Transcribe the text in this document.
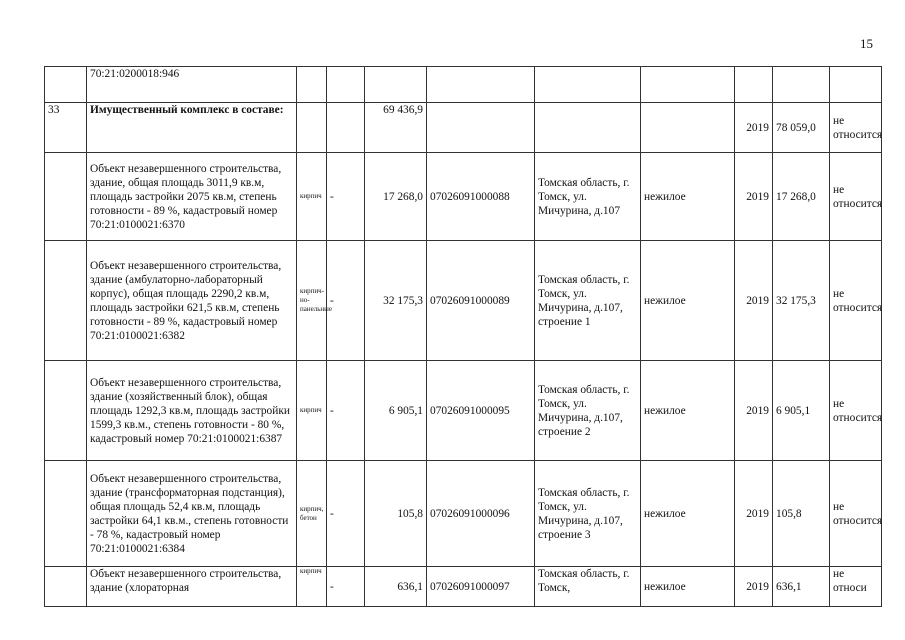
15
	70:21:0200018:946									
33	Имущественный комплекс в составе:			69 436,9				2019	78 059,0	не относится
	Объект незавершенного строительства, здание, общая площадь 3011,9 кв.м, площадь застройки 2075 кв.м, степень готовности - 89 %, кадастровый номер 70:21:0100021:6370	кирпич	-	17 268,0	07026091000088	Томская область, г. Томск, ул. Мичурина, д.107	нежилое	2019	17 268,0	не относится
	Объект незавершенного строительства, здание (амбулаторно-лабораторный корпус), общая площадь 2290,2 кв.м, площадь застройки 621,5 кв.м, степень готовности - 89 %, кадастровый номер 70:21:0100021:6382	кирпич-но-панельные	-	32 175,3	07026091000089	Томская область, г. Томск, ул. Мичурина, д.107, строение 1	нежилое	2019	32 175,3	не относится
	Объект незавершенного строительства, здание (хозяйственный блок), общая площадь 1292,3 кв.м, площадь застройки 1599,3 кв.м., степень готовности - 80 %, кадастровый номер 70:21:0100021:6387	кирпич	-	6 905,1	07026091000095	Томская область, г. Томск, ул. Мичурина, д.107, строение 2	нежилое	2019	6 905,1	не относится
	Объект незавершенного строительства, здание (трансформаторная подстанция), общая площадь 52,4 кв.м, площадь застройки 64,1 кв.м., степень готовности - 78 %, кадастровый номер 70:21:0100021:6384	кирпич, бетон	-	105,8	07026091000096	Томская область, г. Томск, ул. Мичурина, д.107, строение 3	нежилое	2019	105,8	не относится
	Объект незавершенного строительства, здание (хлораторная	кирпич	-	636,1	07026091000097	Томская область, г. Томск,	нежилое	2019	636,1	не относи
